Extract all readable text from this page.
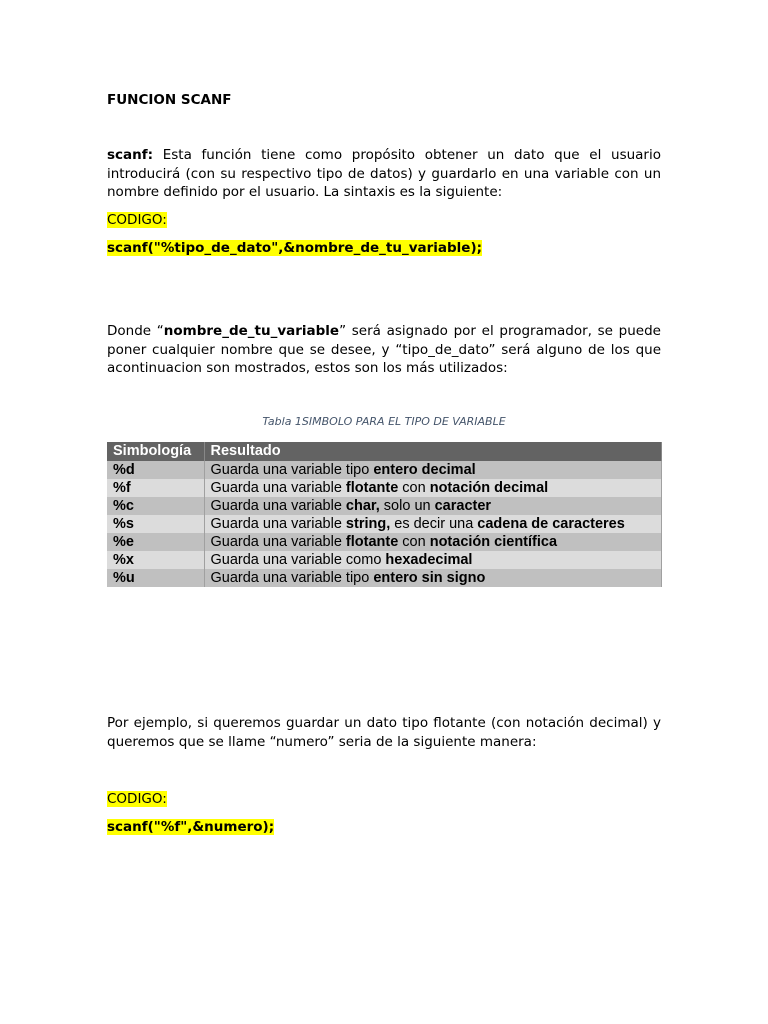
FUNCION SCANF

scanf: Esta función tiene como propósito obtener un dato que el usuario introducirá (con su respectivo tipo de datos) y guardarlo en una variable con un nombre definido por el usuario. La sintaxis es la siguiente:

CODIGO:

scanf("%tipo_de_dato",&nombre_de_tu_variable);

Donde “nombre_de_tu_variable” será asignado por el programador, se puede poner cualquier nombre que se desee, y “tipo_de_dato” será alguno de los que acontinuacion son mostrados, estos son los más utilizados:

Tabla 1SIMBOLO PARA EL TIPO DE VARIABLE

Simbología	Resultado
%d	Guarda una variable tipo entero decimal
%f	Guarda una variable flotante con notación decimal
%c	Guarda una variable char, solo un caracter
%s	Guarda una variable string, es decir una cadena de caracteres
%e	Guarda una variable flotante con notación científica
%x	Guarda una variable como hexadecimal
%u	Guarda una variable tipo entero sin signo

Por ejemplo, si queremos guardar un dato tipo flotante (con notación decimal) y queremos que se llame “numero” seria de la siguiente manera:

CODIGO:

scanf("%f",&numero);
